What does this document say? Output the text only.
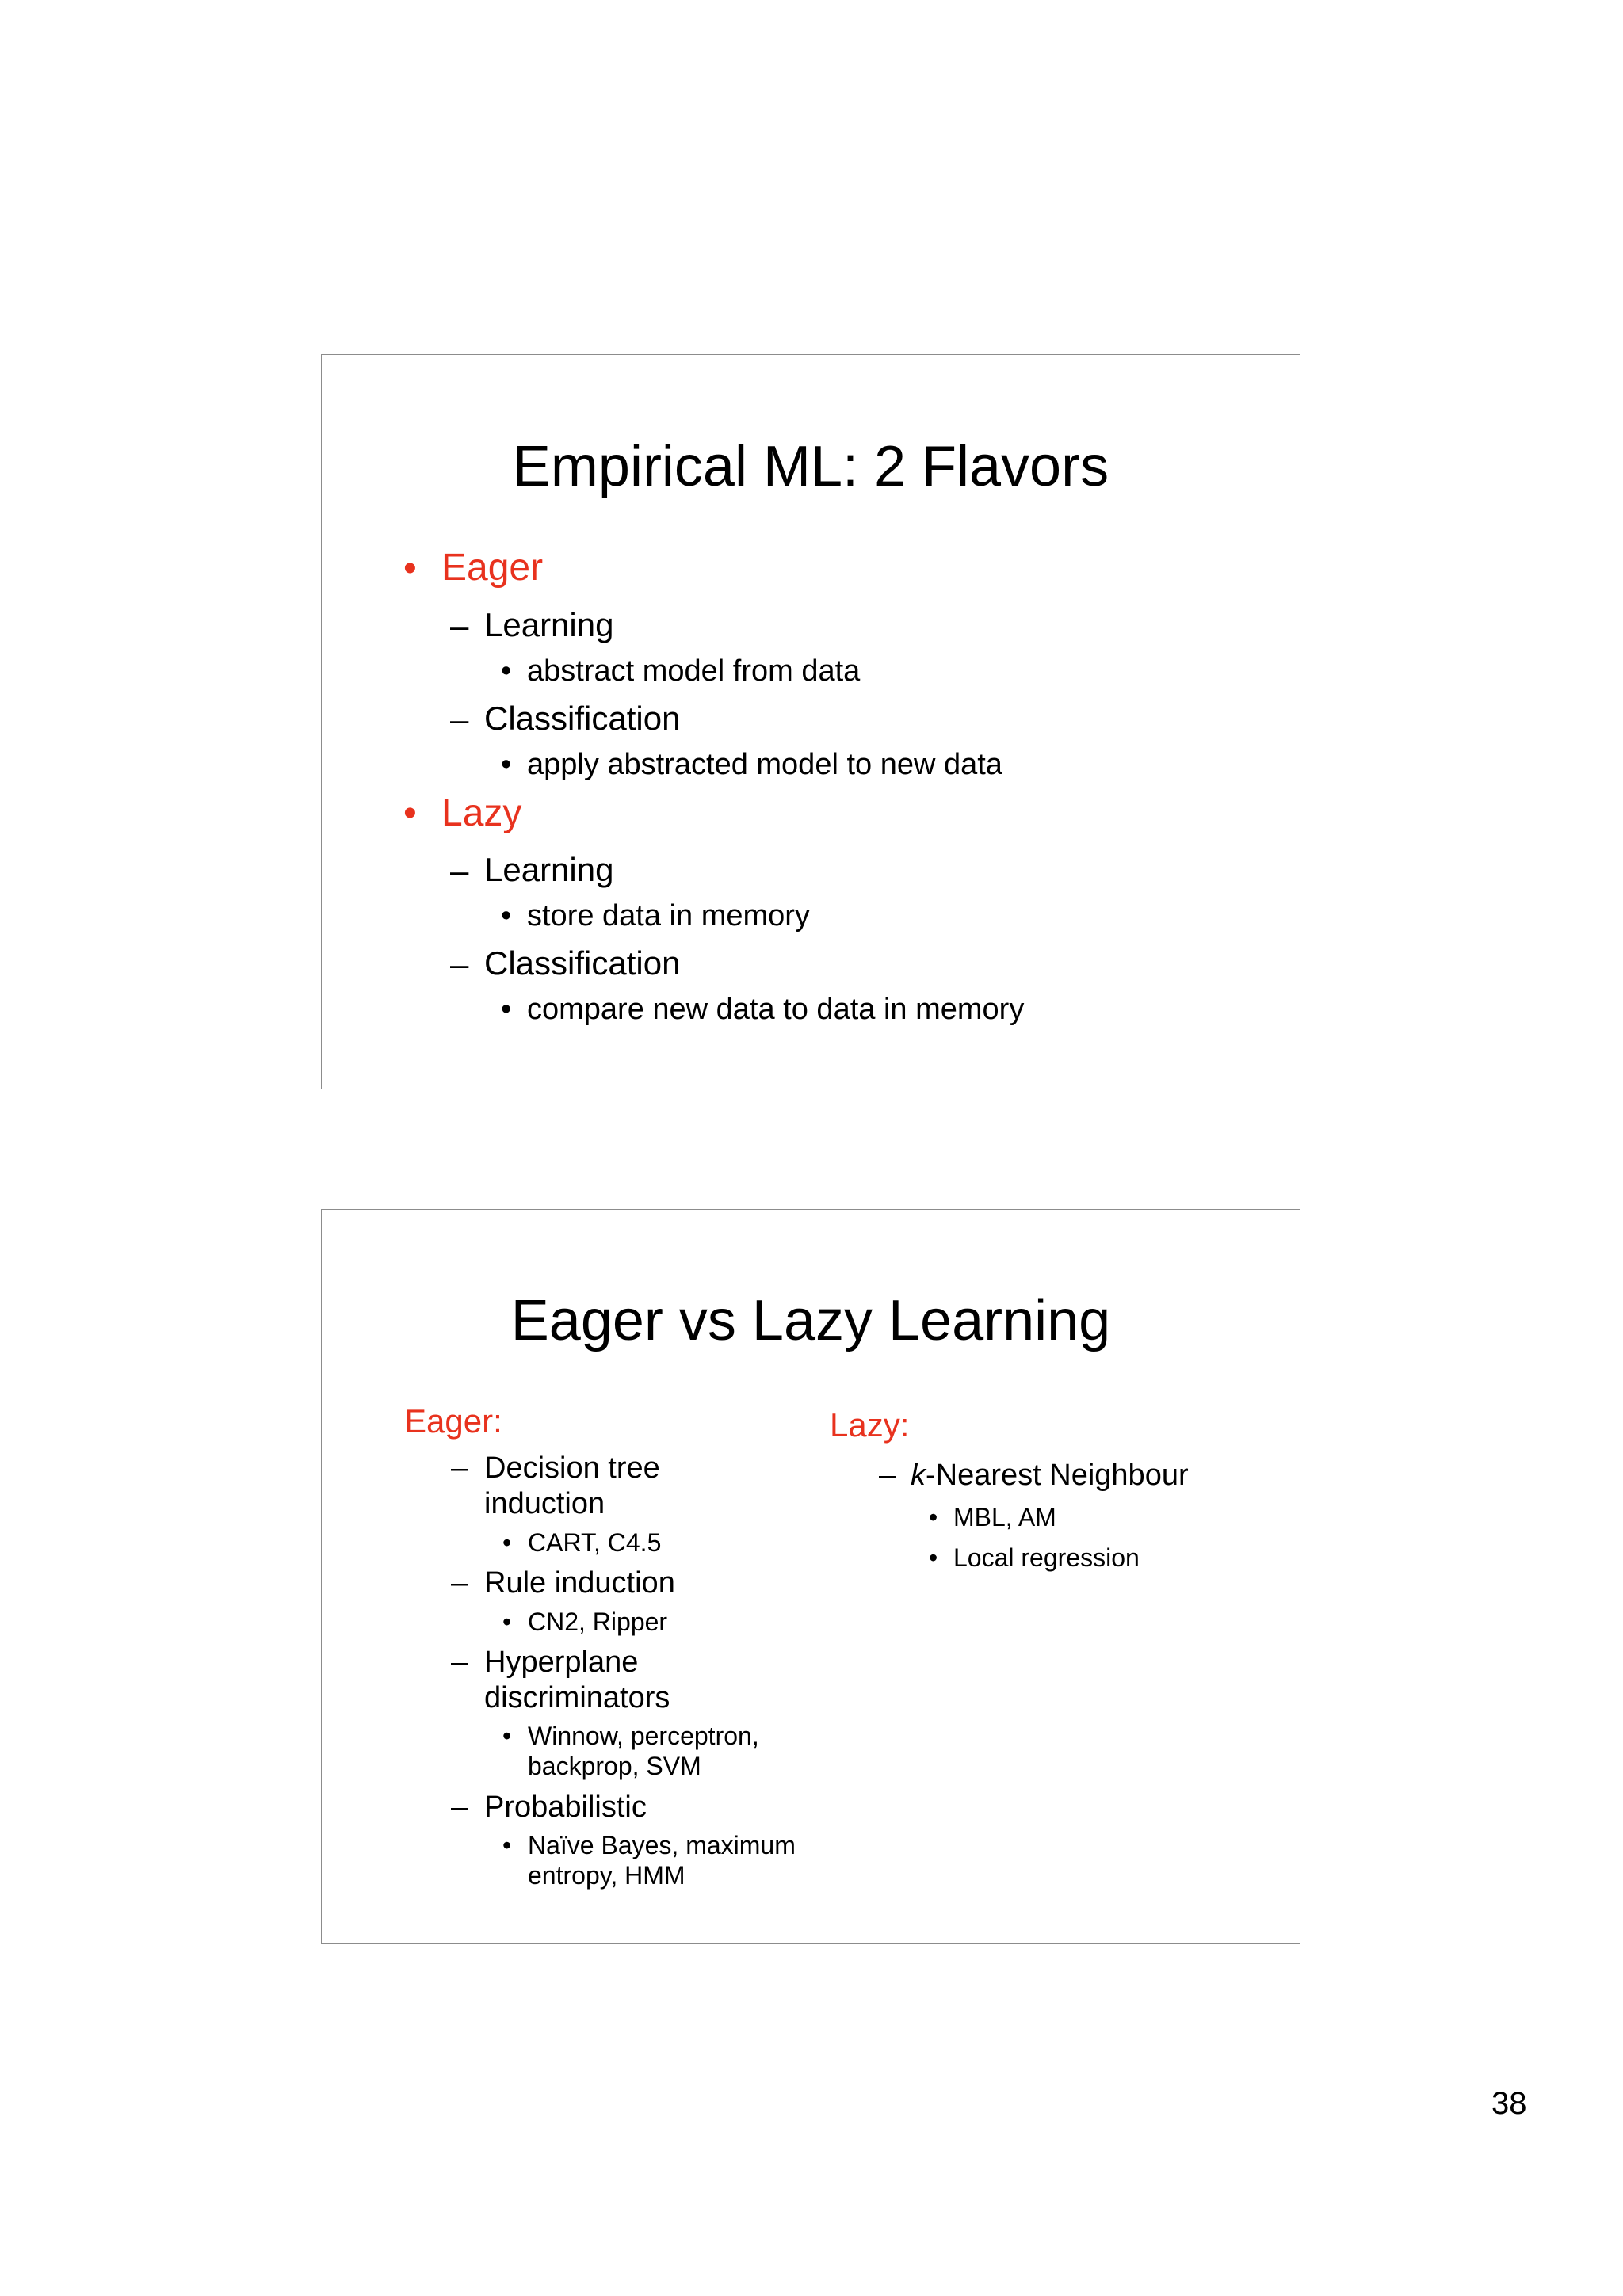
Empirical ML: 2 Flavors
• Eager
– Learning
• abstract model from data
– Classification
• apply abstracted model to new data
• Lazy
– Learning
• store data in memory
– Classification
• compare new data to data in memory
Eager vs Lazy Learning
Eager:
– Decision tree
induction
• CART, C4.5
– Rule induction
• CN2, Ripper
– Hyperplane
discriminators
• Winnow, perceptron,
backprop, SVM
– Probabilistic
• Naïve Bayes, maximum
entropy, HMM
Lazy:
– k-Nearest Neighbour
• MBL, AM
• Local regression
38
